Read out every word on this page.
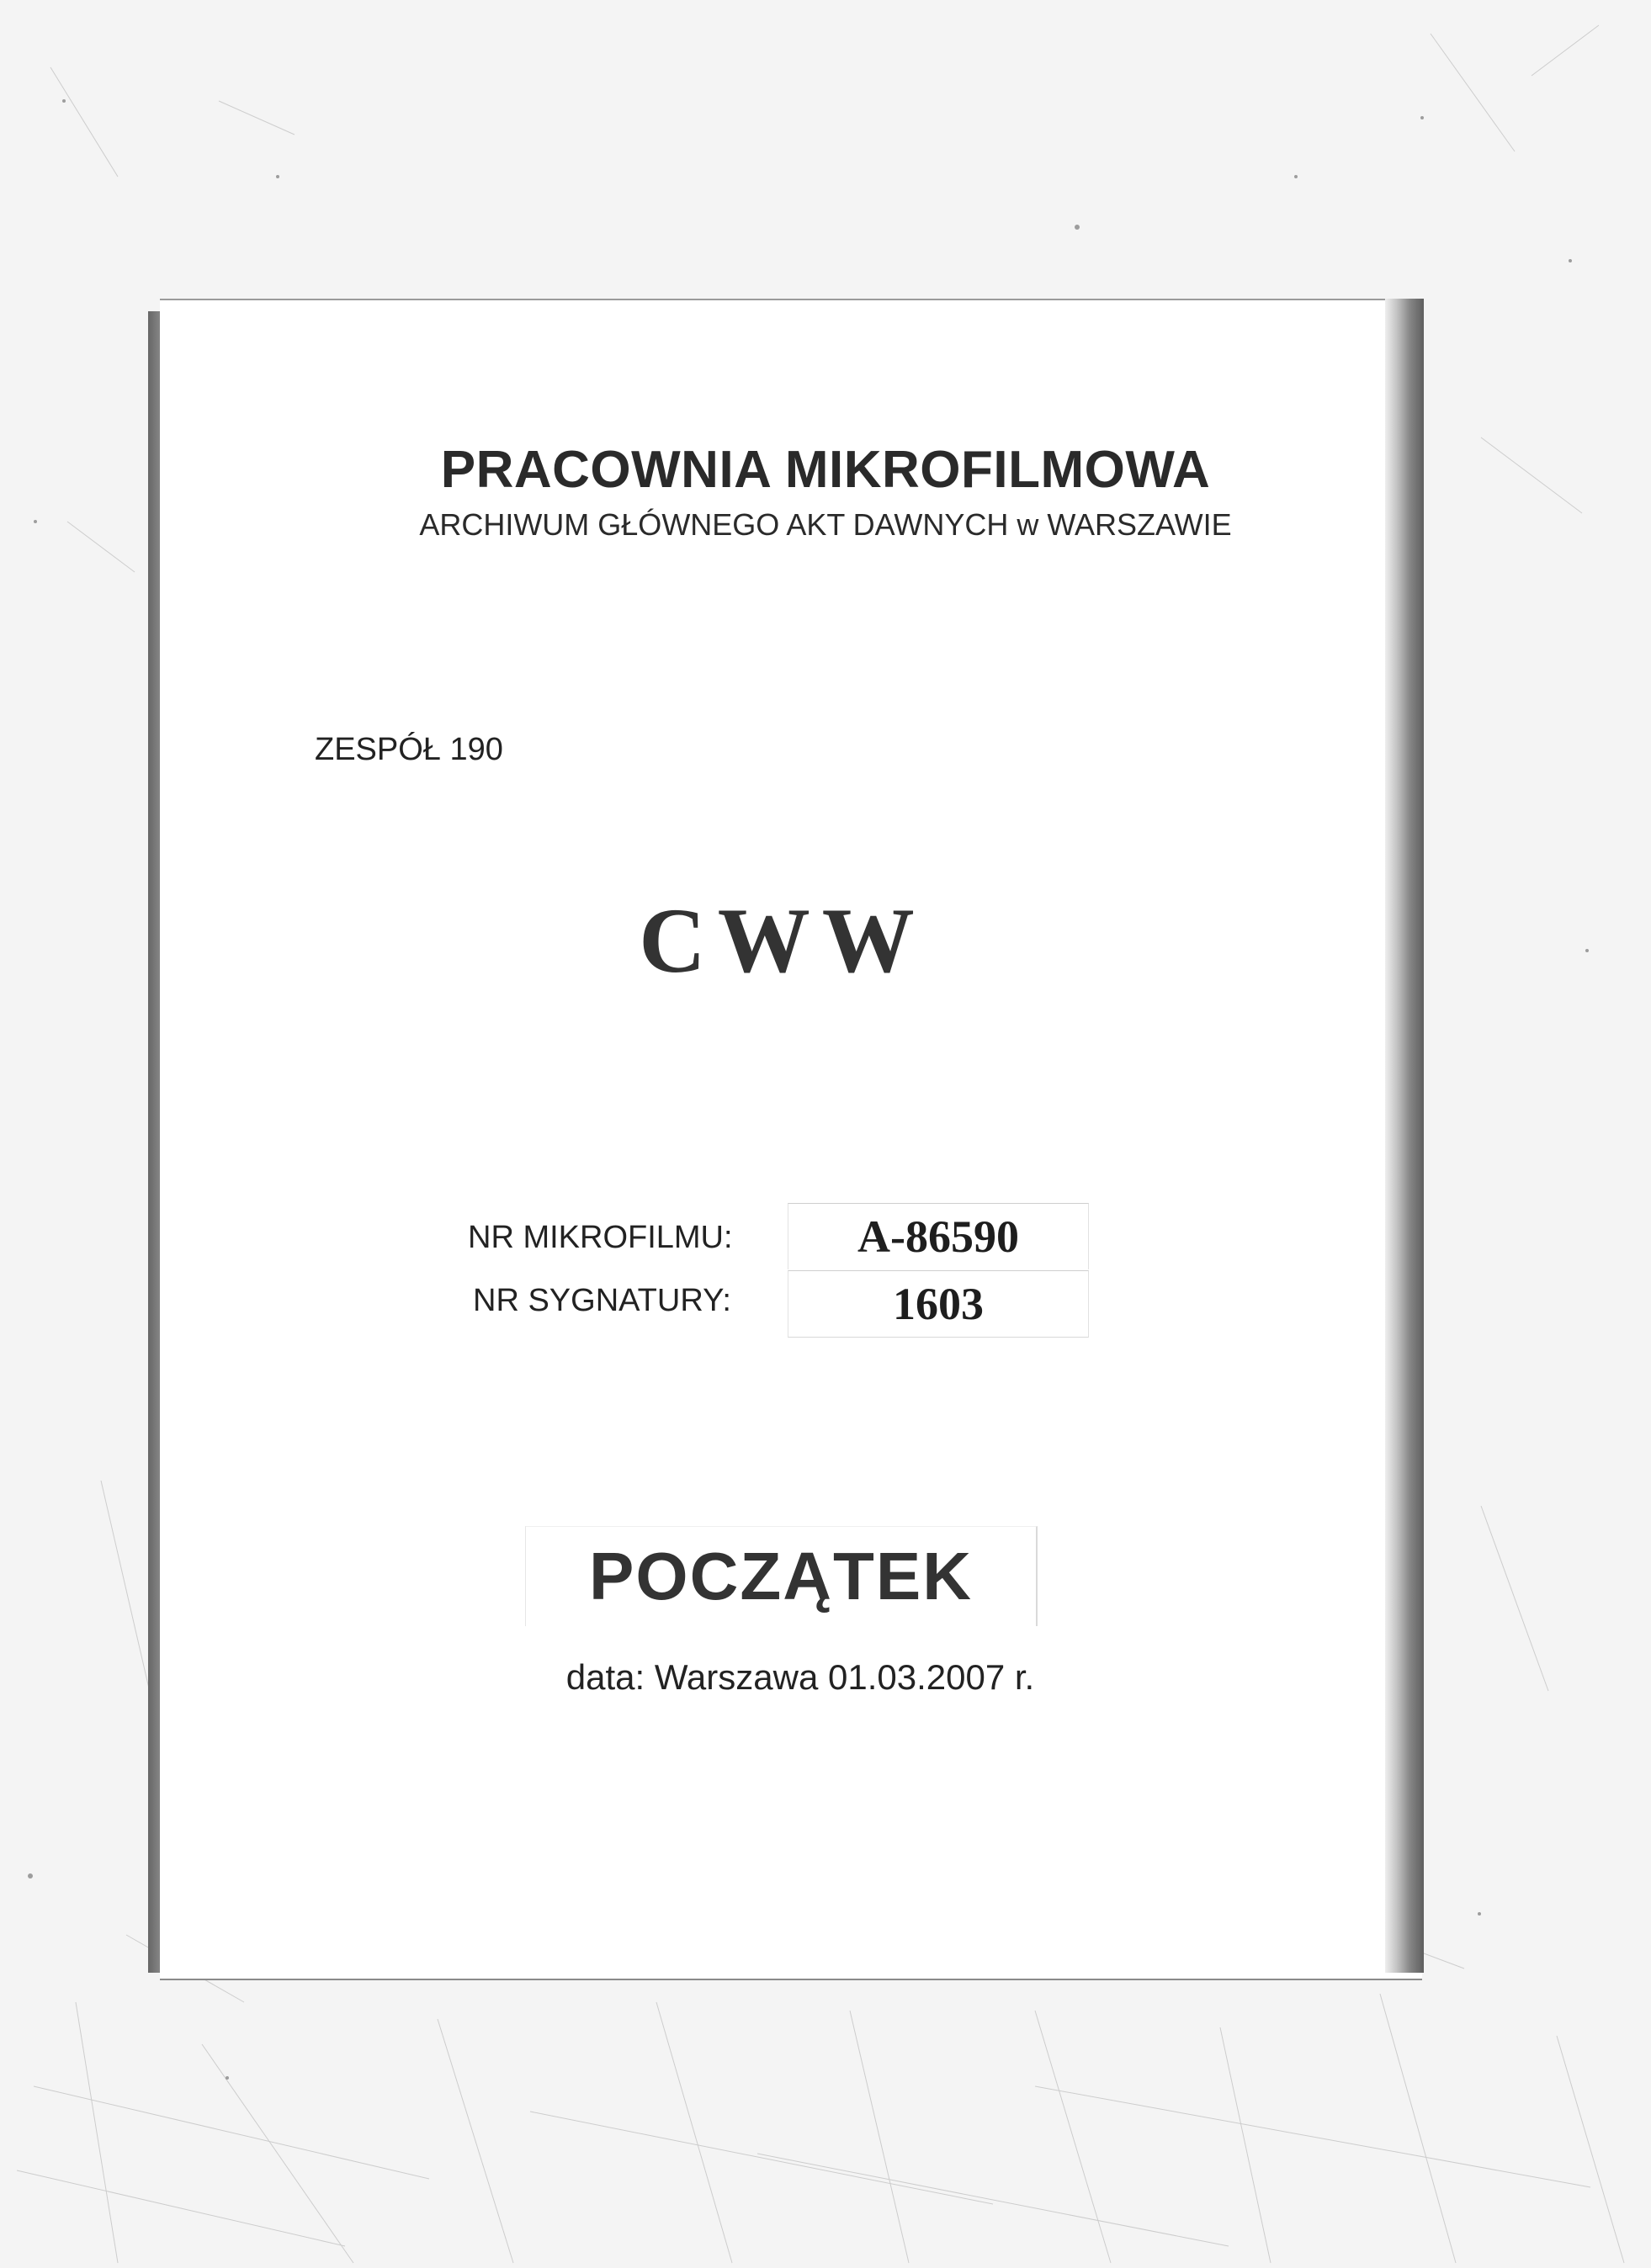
PRACOWNIA MIKROFILMOWA
ARCHIWUM GŁÓWNEGO AKT DAWNYCH w WARSZAWIE
ZESPÓŁ 190
CWW
NR MIKROFILMU:	A-86590
NR SYGNATURY:	1603
POCZĄTEK
data: Warszawa 01.03.2007 r.
